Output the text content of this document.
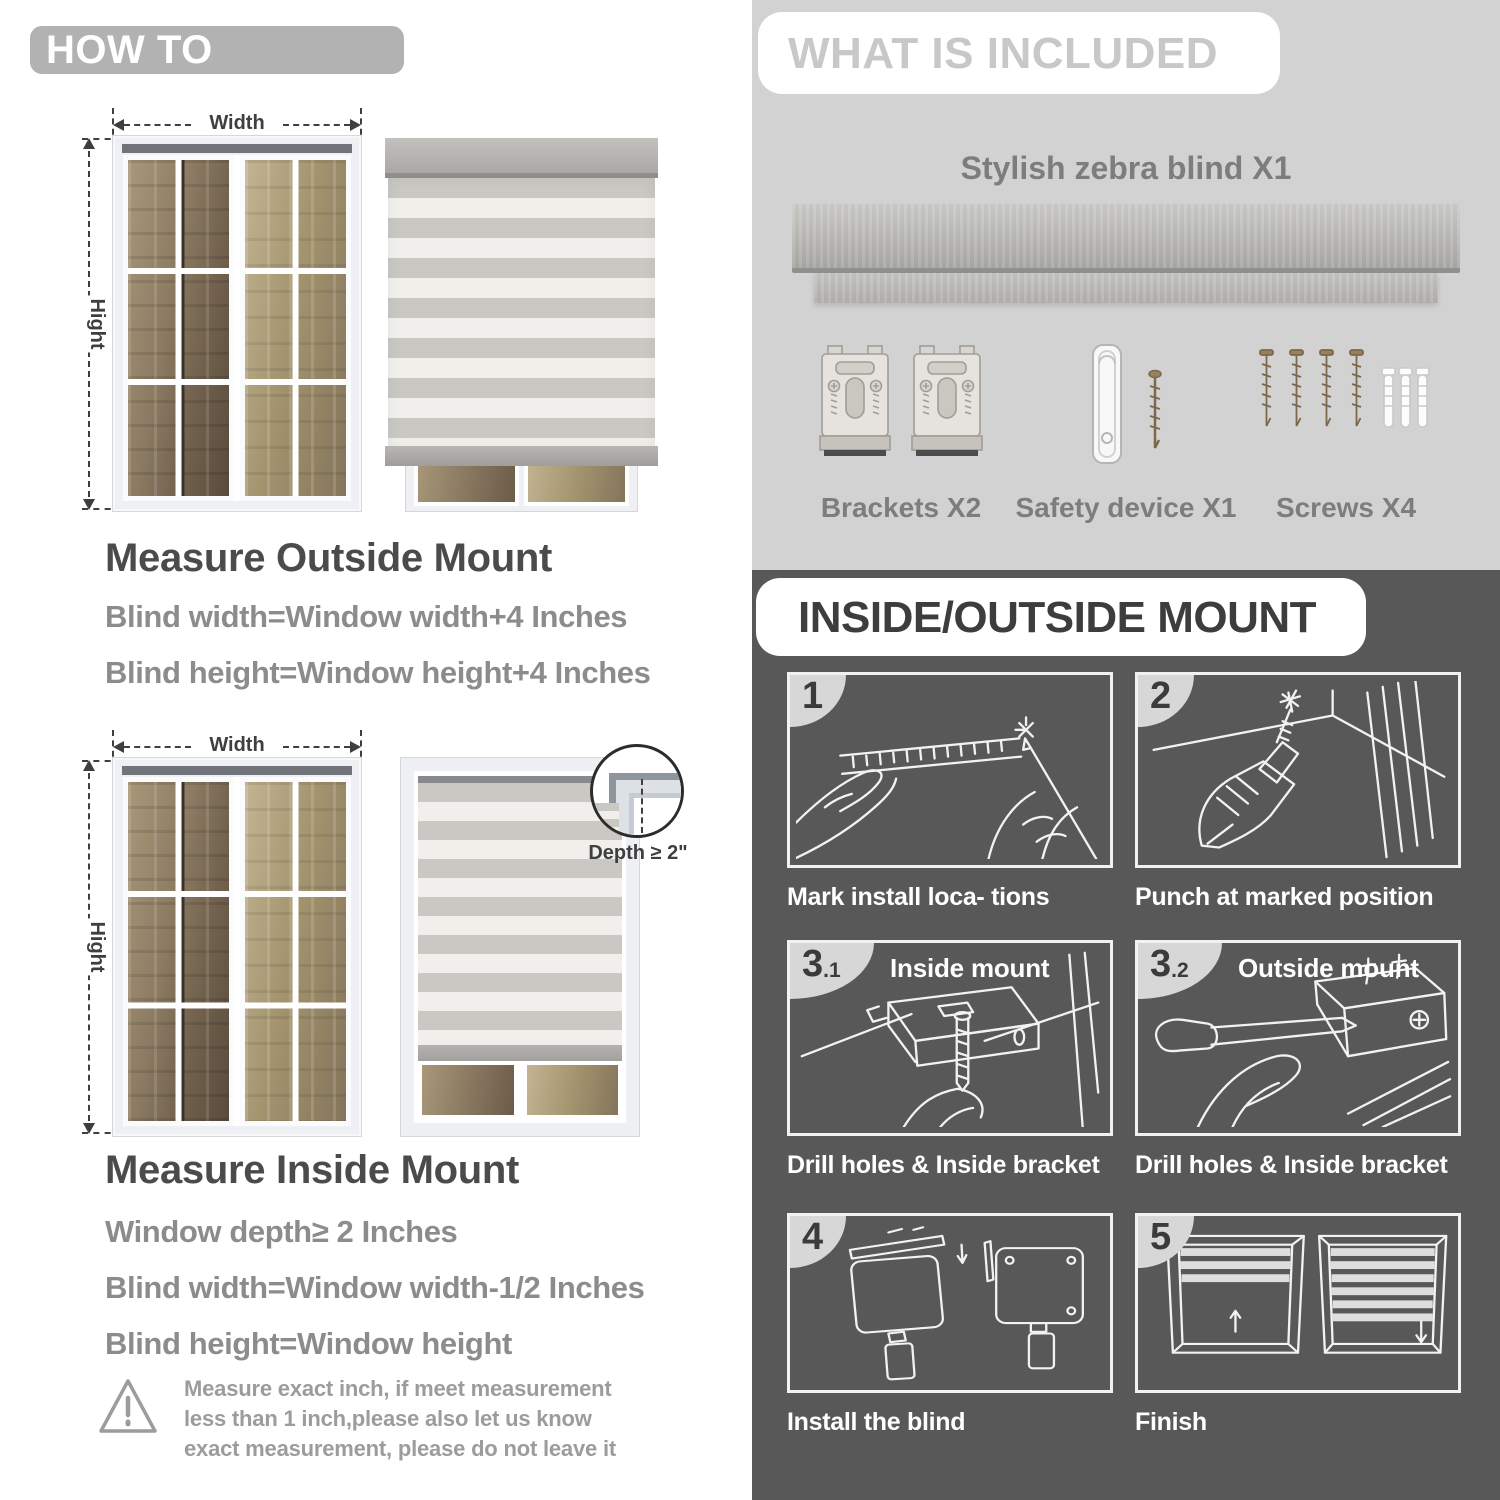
HOW TO MEASURE
Width
Hight
Measure Outside Mount

Blind width=Window width+4 Inches

Blind height=Window height+4 Inches

Width
Hight
Depth ≥ 2"
Measure Inside Mount

Window depth≥ 2 Inches

Blind width=Window width-1/2 Inches

Blind height=Window height

Measure exact inch, if meet measurement less than 1 inch,please also let us know exact measurement, please do not leave it
WHAT IS INCLUDED
Stylish zebra blind X1
Brackets X2 Safety device X1 Screws X4
INSIDE/OUTSIDE MOUNT
1
Mark install loca- tions
2
Punch at marked position
3 .1 Inside mount
Drill holes & Inside bracket
3 .2 Outside mount
Drill holes & Inside bracket
4
Install the blind
5
Finish
